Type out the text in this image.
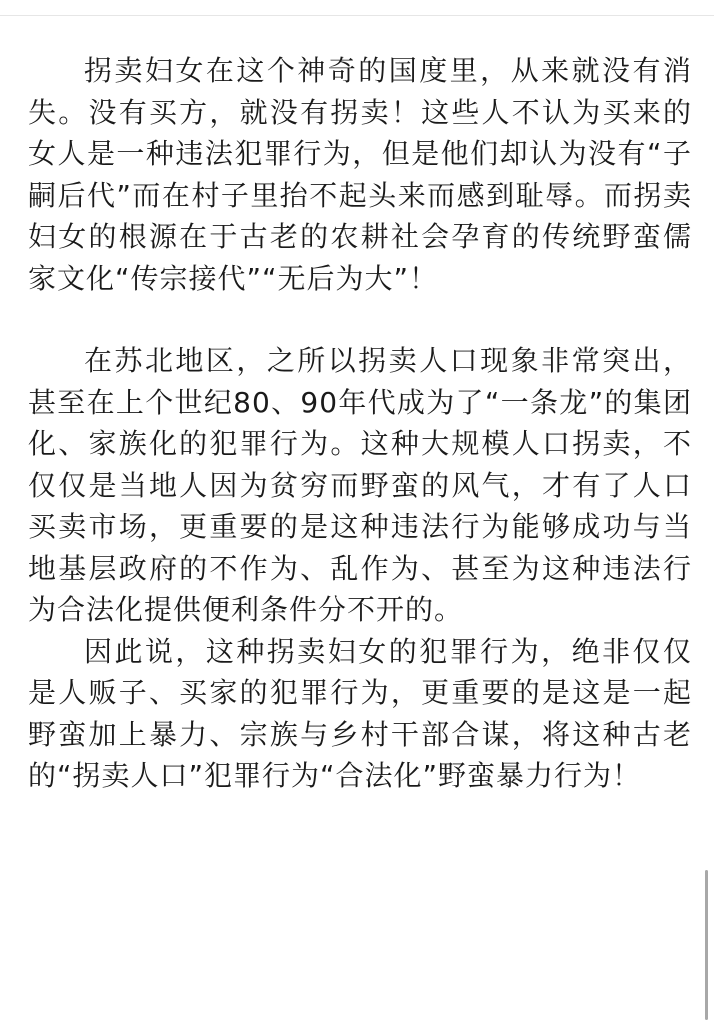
拐卖妇女在这个神奇的国度里，从来就没有消失。没有买方，就没有拐卖！这些人不认为买来的女人是一种违法犯罪行为，但是他们却认为没有“子嗣后代”而在村子里抬不起头来而感到耻辱。而拐卖妇女的根源在于古老的农耕社会孕育的传统野蛮儒家文化“传宗接代”“无后为大”！

在苏北地区，之所以拐卖人口现象非常突出，甚至在上个世纪80、90年代成为了“一条龙”的集团化、家族化的犯罪行为。这种大规模人口拐卖，不仅仅是当地人因为贫穷而野蛮的风气，才有了人口买卖市场，更重要的是这种违法行为能够成功与当地基层政府的不作为、乱作为、甚至为这种违法行为合法化提供便利条件分不开的。

因此说，这种拐卖妇女的犯罪行为，绝非仅仅是人贩子、买家的犯罪行为，更重要的是这是一起野蛮加上暴力、宗族与乡村干部合谋，将这种古老的“拐卖人口”犯罪行为“合法化”野蛮暴力行为！
